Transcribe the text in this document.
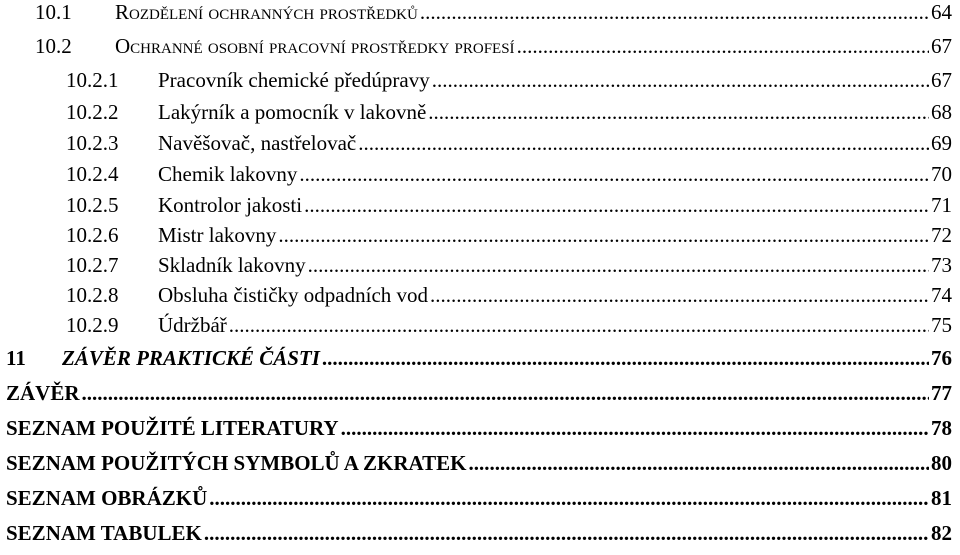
10.1	Rozdělení ochranných prostředků .....	64
10.2	Ochranné osobní pracovní prostředky profesí .....	67
10.2.1	Pracovník chemické předúpravy .....	67
10.2.2	Lakýrník a pomocník v lakovně .....	68
10.2.3	Navěšovač, nastřelovač .....	69
10.2.4	Chemik lakovny .....	70
10.2.5	Kontrolor jakosti .....	71
10.2.6	Mistr lakovny .....	72
10.2.7	Skladník lakovny .....	73
10.2.8	Obsluha čističky odpadních vod .....	74
10.2.9	Údržbář .....	75
11	ZÁVĚR PRAKTICKÉ ČÁSTI .....	76
ZÁVĚR .....	77
SEZNAM POUŽITÉ LITERATURY .....	78
SEZNAM POUŽITÝCH SYMBOLŮ A ZKRATEK .....	80
SEZNAM OBRÁZKŮ .....	81
SEZNAM TABULEK .....	82
